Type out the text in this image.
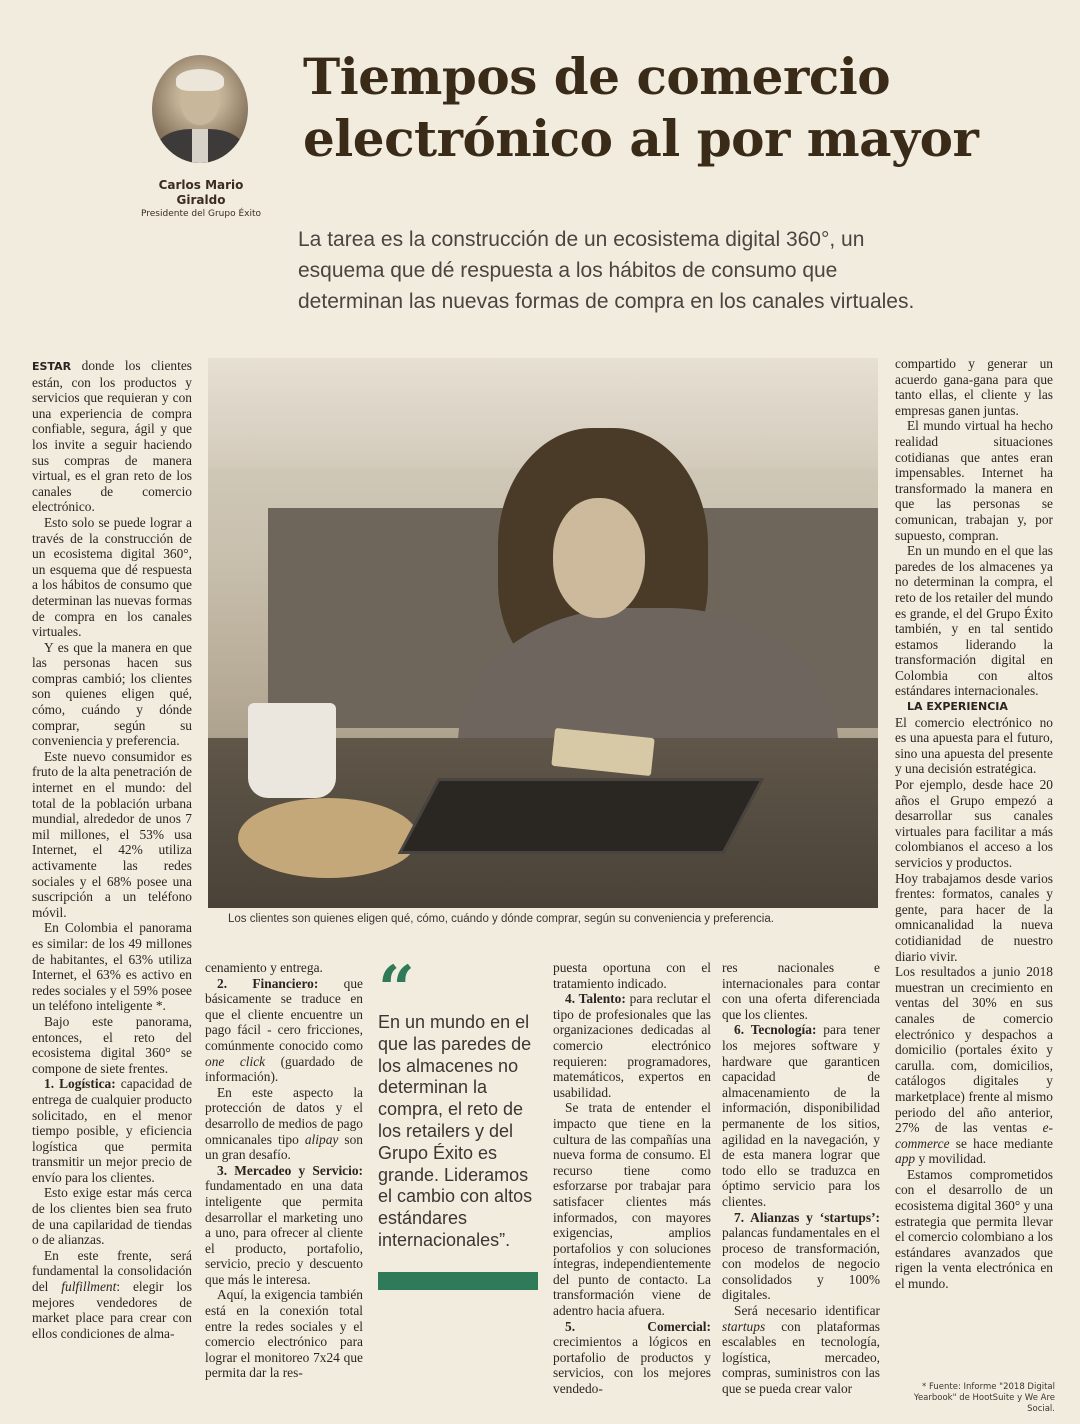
Carlos Mario Giraldo
Presidente del Grupo Éxito
Tiempos de comercio electrónico al por mayor
La tarea es la construcción de un ecosistema digital 360°, un esquema que dé respuesta a los hábitos de consumo que determinan las nuevas formas de compra en los canales virtuales.

ESTAR donde los clientes están, con los productos y servicios que requieran y con una experiencia de compra confiable, segura, ágil y que los invite a seguir haciendo sus compras de manera virtual, es el gran reto de los canales de comercio electrónico.

Esto solo se puede lograr a través de la construcción de un ecosistema digital 360°, un esquema que dé respuesta a los hábitos de consumo que determinan las nuevas formas de compra en los canales virtuales.

Y es que la manera en que las personas hacen sus compras cambió; los clientes son quienes eligen qué, cómo, cuándo y dónde comprar, según su conveniencia y preferencia.

Este nuevo consumidor es fruto de la alta penetración de internet en el mundo: del total de la población urbana mundial, alrededor de unos 7 mil millones, el 53% usa Internet, el 42% utiliza activamente las redes sociales y el 68% posee una suscripción a un teléfono móvil.

En Colombia el panorama es similar: de los 49 millones de habitantes, el 63% utiliza Internet, el 63% es activo en redes sociales y el 59% posee un teléfono inteligente *.

Bajo este panorama, entonces, el reto del ecosistema digital 360° se compone de siete frentes.

1. Logística: capacidad de entrega de cualquier producto solicitado, en el menor tiempo posible, y eficiencia logística que permita transmitir un mejor precio de envío para los clientes.

Esto exige estar más cerca de los clientes bien sea fruto de una capilaridad de tiendas o de alianzas.

En este frente, será fundamental la consolidación del fulfillment: elegir los mejores vendedores de market place para crear con ellos condiciones de alma-

Los clientes son quienes eligen qué, cómo, cuándo y dónde comprar, según su conveniencia y preferencia.

cenamiento y entrega.

2. Financiero: que básicamente se traduce en que el cliente encuentre un pago fácil - cero fricciones, comúnmente conocido como one click (guardado de información).

En este aspecto la protección de datos y el desarrollo de medios de pago omnicanales tipo alipay son un gran desafío.

3. Mercadeo y Servicio: fundamentado en una data inteligente que permita desarrollar el marketing uno a uno, para ofrecer al cliente el producto, portafolio, servicio, precio y descuento que más le interesa.

Aquí, la exigencia también está en la conexión total entre la redes sociales y el comercio electrónico para lograr el monitoreo 7x24 que permita dar la res-

“
En un mundo en el que las paredes de los almacenes no determinan la compra, el reto de los retailers y del Grupo Éxito es grande. Lideramos el cambio con altos estándares internacionales”.

puesta oportuna con el tratamiento indicado.

4. Talento: para reclutar el tipo de profesionales que las organizaciones dedicadas al comercio electrónico requieren: programadores, matemáticos, expertos en usabilidad.

Se trata de entender el impacto que tiene en la cultura de las compañías una nueva forma de consumo. El recurso tiene como esforzarse por trabajar para satisfacer clientes más informados, con mayores exigencias, amplios portafolios y con soluciones íntegras, independientemente del punto de contacto. La transformación viene de adentro hacia afuera.

5. Comercial: crecimientos a lógicos en portafolio de productos y servicios, con los mejores vendedo-

res nacionales e internacionales para contar con una oferta diferenciada que los clientes.

6. Tecnología: para tener los mejores software y hardware que garanticen capacidad de almacenamiento de la información, disponibilidad permanente de los sitios, agilidad en la navegación, y de esta manera lograr que todo ello se traduzca en óptimo servicio para los clientes.

7. Alianzas y ‘startups’: palancas fundamentales en el proceso de transformación, con modelos de negocio consolidados y 100% digitales.

Será necesario identificar startups con plataformas escalables en tecnología, logística, mercadeo, compras, suministros con las que se pueda crear valor

compartido y generar un acuerdo gana-gana para que tanto ellas, el cliente y las empresas ganen juntas.

El mundo virtual ha hecho realidad situaciones cotidianas que antes eran impensables. Internet ha transformado la manera en que las personas se comunican, trabajan y, por supuesto, compran.

En un mundo en el que las paredes de los almacenes ya no determinan la compra, el reto de los retailer del mundo es grande, el del Grupo Éxito también, y en tal sentido estamos liderando la transformación digital en Colombia con altos estándares internacionales.

LA EXPERIENCIA

El comercio electrónico no es una apuesta para el futuro, sino una apuesta del presente y una decisión estratégica.

Por ejemplo, desde hace 20 años el Grupo empezó a desarrollar sus canales virtuales para facilitar a más colombianos el acceso a los servicios y productos.

Hoy trabajamos desde varios frentes: formatos, canales y gente, para hacer de la omnicanalidad la nueva cotidianidad de nuestro diario vivir.

Los resultados a junio 2018 muestran un crecimiento en ventas del 30% en sus canales de comercio electrónico y despachos a domicilio (portales éxito y carulla. com, domicilios, catálogos digitales y marketplace) frente al mismo periodo del año anterior, 27% de las ventas e-commerce se hace mediante app y movilidad.

Estamos comprometidos con el desarrollo de un ecosistema digital 360° y una estrategia que permita llevar el comercio colombiano a los estándares avanzados que rigen la venta electrónica en el mundo.

* Fuente: Informe "2018 Digital Yearbook" de HootSuite y We Are Social.
